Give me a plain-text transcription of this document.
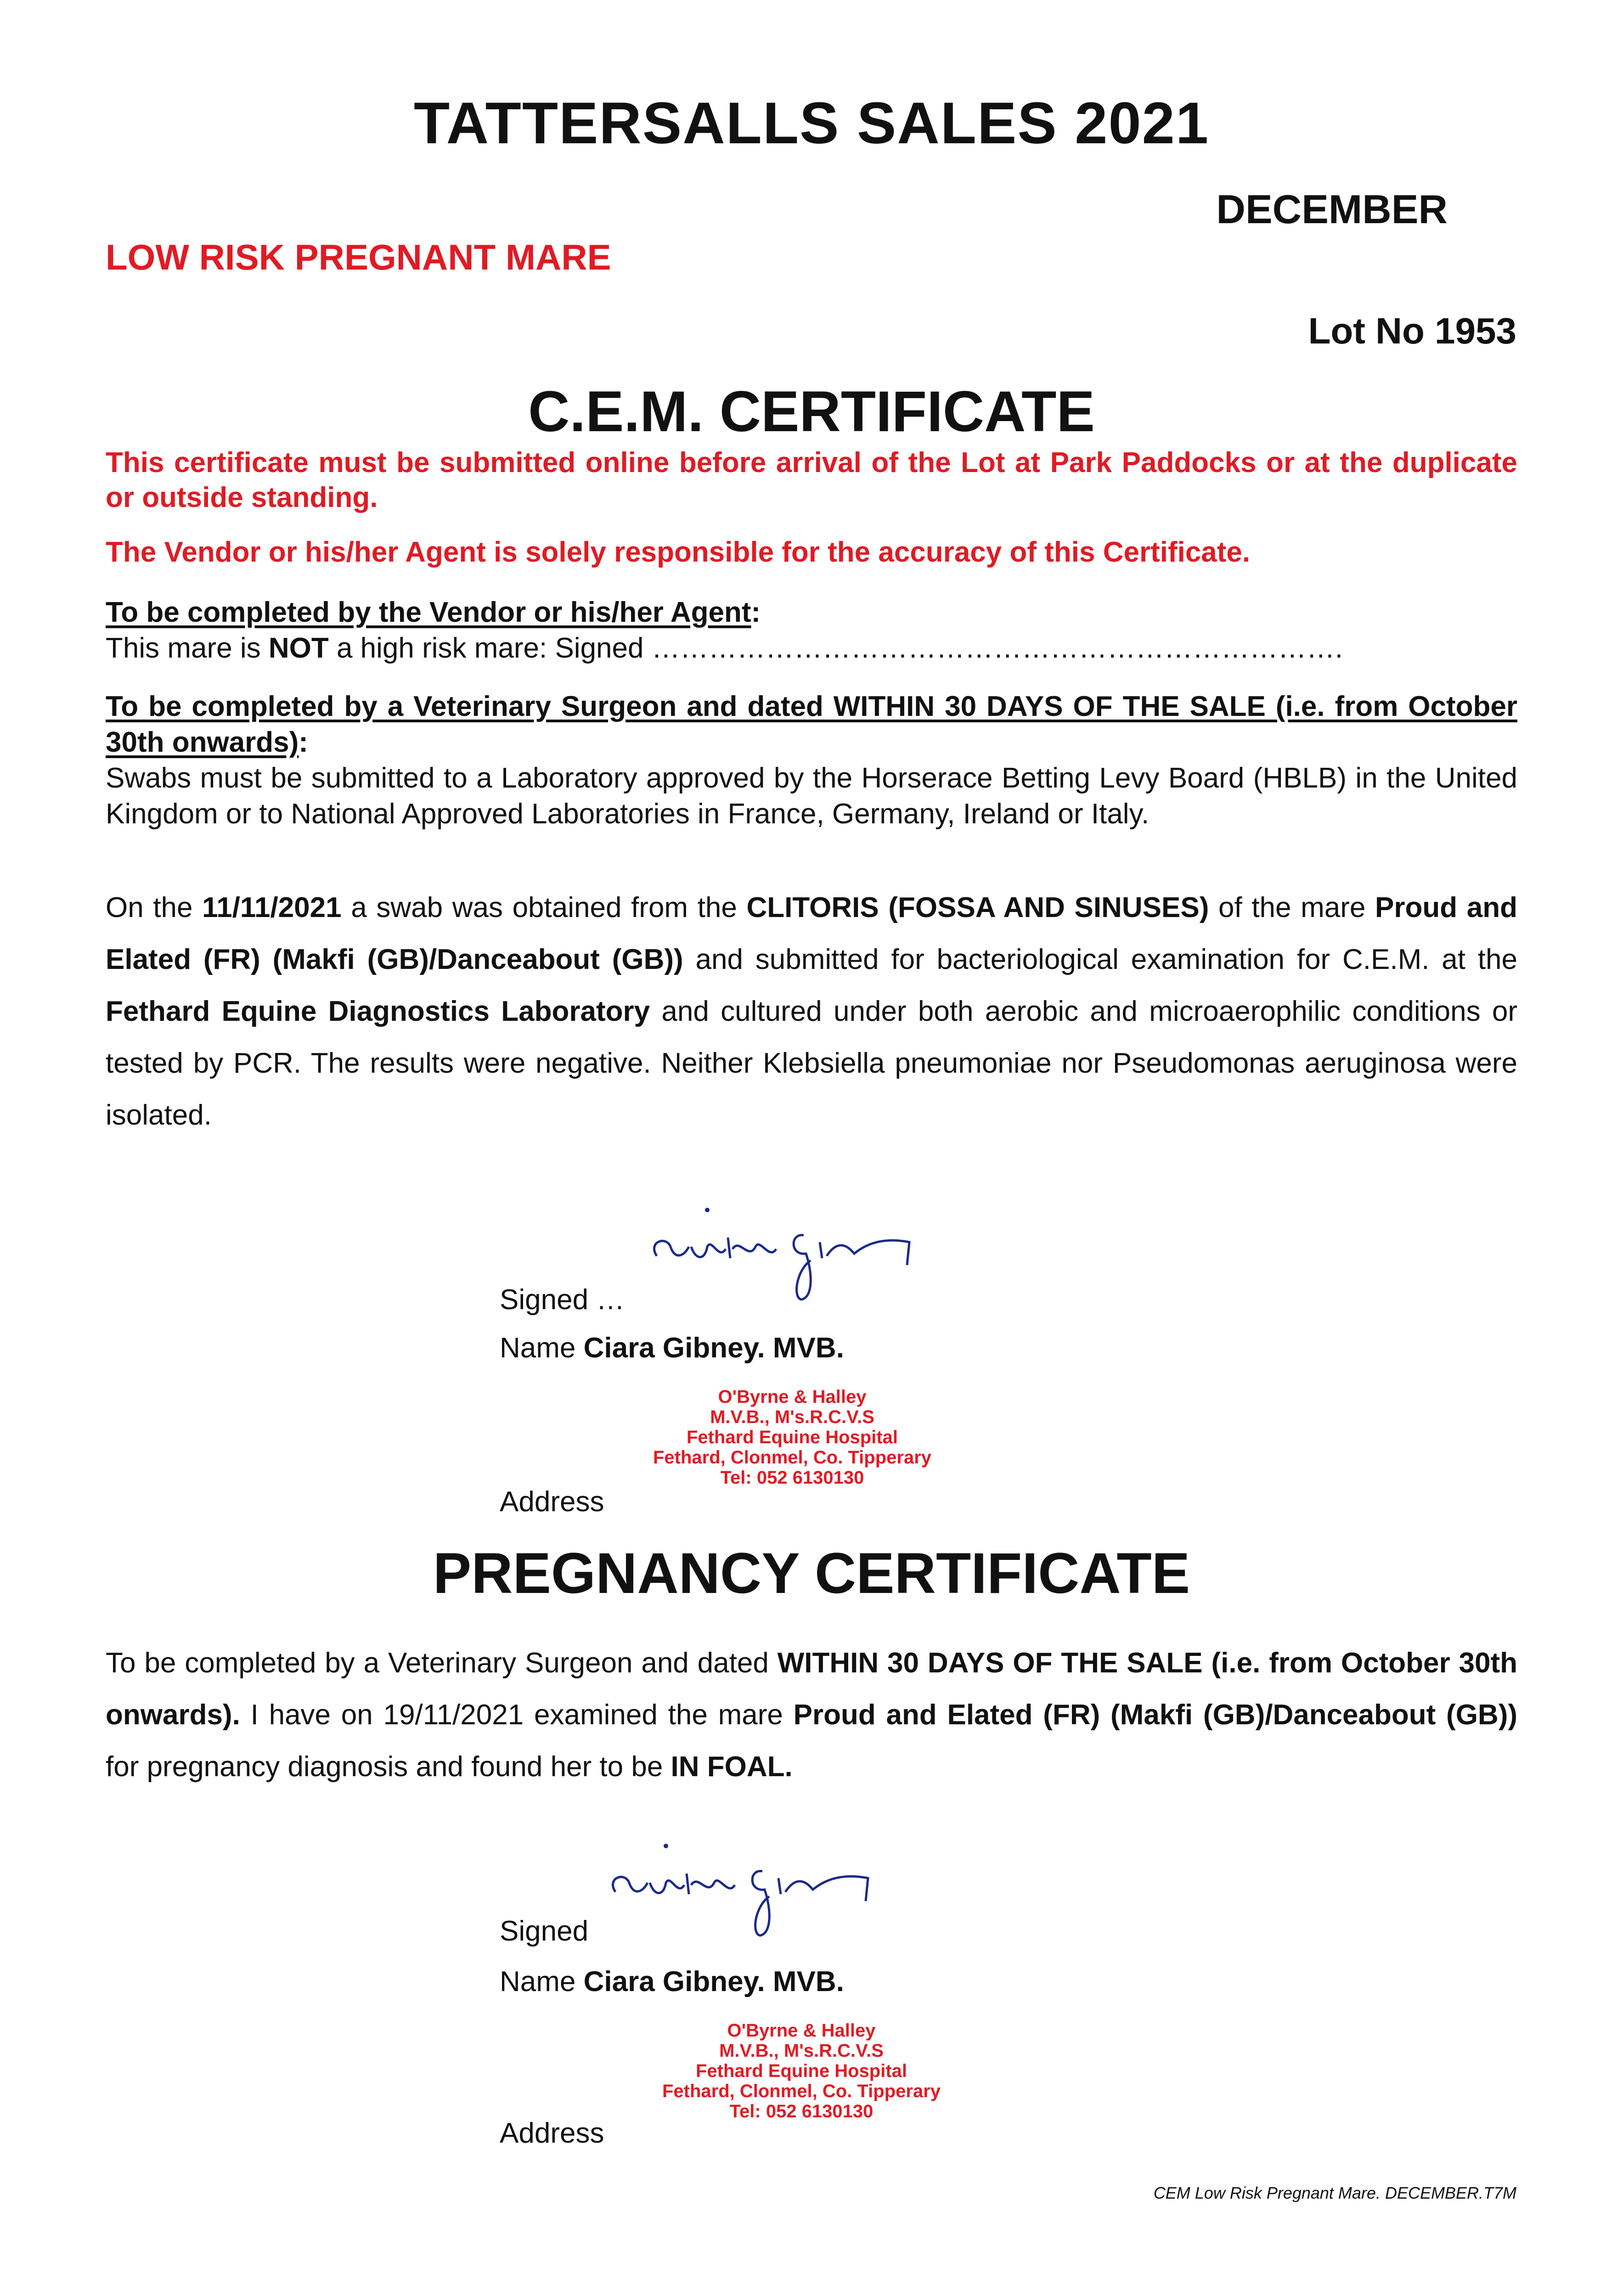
TATTERSALLS SALES 2021
DECEMBER
LOW RISK PREGNANT MARE
Lot No 1953
C.E.M. CERTIFICATE
This certificate must be submitted online before arrival of the Lot at Park Paddocks or at the duplicate or outside standing.
The Vendor or his/her Agent is solely responsible for the accuracy of this Certificate.
To be completed by the Vendor or his/her Agent:
This mare is NOT a high risk mare: Signed ……………………………………………………………….
To be completed by a Veterinary Surgeon and dated WITHIN 30 DAYS OF THE SALE (i.e. from October 30th onwards):
Swabs must be submitted to a Laboratory approved by the Horserace Betting Levy Board (HBLB) in the United Kingdom or to National Approved Laboratories in France, Germany, Ireland or Italy.
On the 11/11/2021 a swab was obtained from the CLITORIS (FOSSA AND SINUSES) of the mare Proud and Elated (FR) (Makfi (GB)/Danceabout (GB)) and submitted for bacteriological examination for C.E.M. at the Fethard Equine Diagnostics Laboratory and cultured under both aerobic and microaerophilic conditions or tested by PCR. The results were negative. Neither Klebsiella pneumoniae nor Pseudomonas aeruginosa were isolated.
Signed …
Name Ciara Gibney. MVB.
O'Byrne & Halley
M.V.B., M's.R.C.V.S
Fethard Equine Hospital
Fethard, Clonmel, Co. Tipperary
Tel: 052 6130130
Address
PREGNANCY CERTIFICATE
To be completed by a Veterinary Surgeon and dated WITHIN 30 DAYS OF THE SALE (i.e. from October 30th onwards). I have on 19/11/2021 examined the mare Proud and Elated (FR) (Makfi (GB)/Danceabout (GB)) for pregnancy diagnosis and found her to be IN FOAL.
Signed
Name Ciara Gibney. MVB.
O'Byrne & Halley
M.V.B., M's.R.C.V.S
Fethard Equine Hospital
Fethard, Clonmel, Co. Tipperary
Tel: 052 6130130
Address
CEM Low Risk Pregnant Mare. DECEMBER.T7M
